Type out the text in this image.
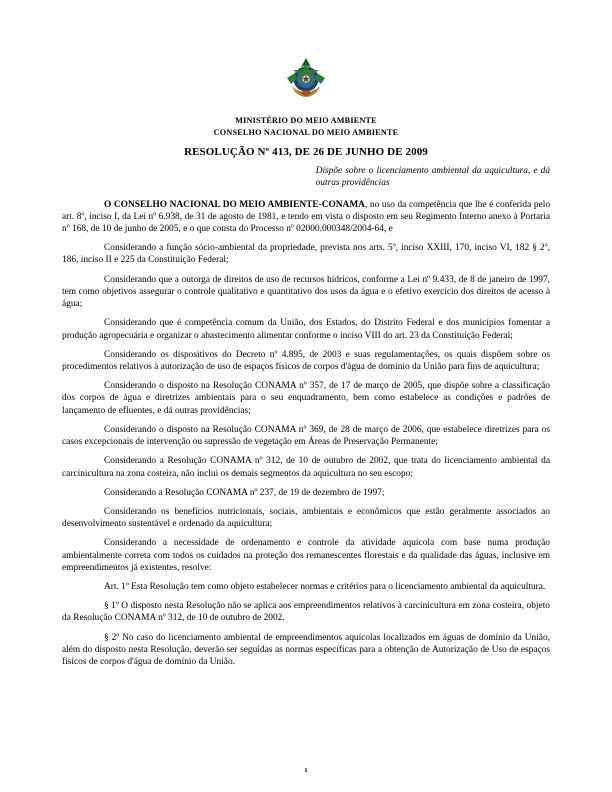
MINISTÉRIO DO MEIO AMBIENTE
CONSELHO NACIONAL DO MEIO AMBIENTE
RESOLUÇÃO Nº 413, DE 26 DE JUNHO DE 2009
Dispõe sobre o licenciamento ambiental da aquicultura, e dá outras providências

O CONSELHO NACIONAL DO MEIO AMBIENTE-CONAMA, no uso da competência que lhe é conferida pelo art. 8º, inciso I, da Lei nº 6.938, de 31 de agosto de 1981, e tendo em vista o disposto em seu Regimento Interno anexo à Portaria nº 168, de 10 de junho de 2005, e o que consta do Processo nº 02000.000348/2004-64, e

Considerando a função sócio-ambiental da propriedade, prevista nos arts. 5º, inciso XXIII, 170, inciso VI, 182 § 2º, 186, inciso II e 225 da Constituição Federal;

Considerando que a outorga de direitos de uso de recursos hídricos, conforme a Lei nº 9.433, de 8 de janeiro de 1997, tem como objetivos assegurar o controle qualitativo e quantitativo dos usos da água e o efetivo exercício dos direitos de acesso à água;

Considerando que é competência comum da União, dos Estados, do Distrito Federal e dos municípios fomentar a produção agropecuária e organizar o abastecimento alimentar conforme o inciso VIII do art. 23 da Constituição Federal;

Considerando os dispositivos do Decreto nº 4.895, de 2003 e suas regulamentações, os quais dispõem sobre os procedimentos relativos à autorização de uso de espaços físicos de corpos d'água de domínio da União para fins de aquicultura;

Considerando o disposto na Resolução CONAMA nº 357, de 17 de março de 2005, que dispõe sobre a classificação dos corpos de água e diretrizes ambientais para o seu enquadramento, bem como estabelece as condições e padrões de lançamento de efluentes, e dá outras providências;

Considerando o disposto na Resolução CONAMA nº 369, de 28 de março de 2006, que estabelece diretrizes para os casos excepcionais de intervenção ou supressão de vegetação em Áreas de Preservação Permanente;

Considerando a Resolução CONAMA nº 312, de 10 de outubro de 2002, que trata do licenciamento ambiental da carcinicultura na zona costeira, não inclui os demais segmentos da aquicultura no seu escopo;

Considerando a Resolução CONAMA nº 237, de 19 de dezembro de 1997;

Considerando os benefícios nutricionais, sociais, ambientais e econômicos que estão geralmente associados ao desenvolvimento sustentável e ordenado da aquicultura;

Considerando a necessidade de ordenamento e controle da atividade aquícola com base numa produção ambientalmente correta com todos os cuidados na proteção dos remanescentes florestais e da qualidade das águas, inclusive em empreendimentos já existentes, resolve:

Art. 1º Esta Resolução tem como objeto estabelecer normas e critérios para o licenciamento ambiental da aquicultura.

§ 1º O disposto nesta Resolução não se aplica aos empreendimentos relativos à carcinicultura em zona costeira, objeto da Resolução CONAMA nº 312, de 10 de outubro de 2002.

§ 2º No caso do licenciamento ambiental de empreendimentos aquícolas localizados em águas de domínio da União, além do disposto nesta Resolução, deverão ser seguidas as normas específicas para a obtenção de Autorização de Uso de espaços físicos de corpos d'água de domínio da União.

1
